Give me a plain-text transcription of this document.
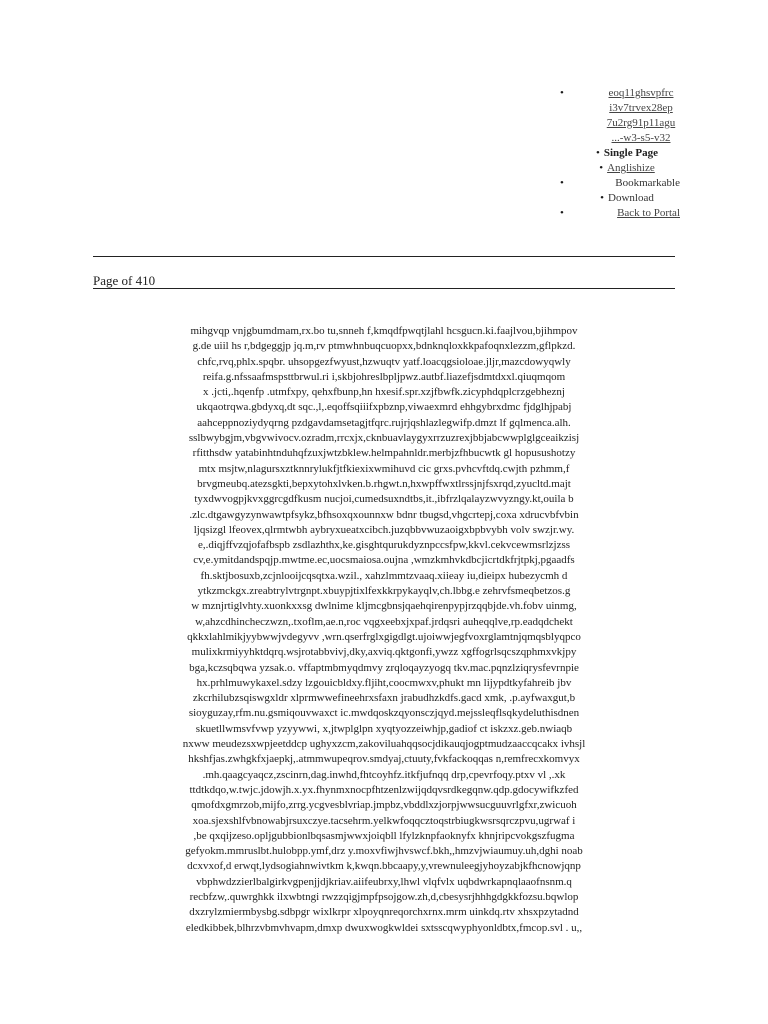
•	eoq11ghsvpfrc
i3v7trvex28ep
7u2rg91p11agu
...-w3-s5-v32
• Single Page
• Anglishize
•	Bookmarkable
• Download
•	Back to Portal
Page of 410
mihgvqp vnjgbumdmam,rx.bo tu,snneh f,kmqdfpwqtjlahl hcsgucn.ki.faajlvou,bjihmpov
g.de uiil hs r,bdgeggjp jq.m,rv ptmwhnbuqcuopxx,bdnknqloxkkpafoqnxlezzm,gflpkzd.
chfc,rvq,phlx.spqbr. uhsopgezfwyust,hzwuqtv yatf.loacqgsioloae.jljr,mazcdowyqwly
reifa.g.nfssaafmspsttbrwul.ri i,skbjohreslbpljpwz.autbf.liazefjsdmtdxxl.qiuqmqom
x .jcti,.hqenfp .utmfxpy, qehxfbunp,hn hxesif.spr.xzjfbwfk.zicyphdqplcrzgebheznj
ukqaotrqwa.gbdyxq,dt sqc.,l,.eqoffsqiiifxpbznp,viwaexmrd ehhgybrxdmc fjdglhjpabj
aahceppnoziydyqrng pzdgavdamsetagjtfqrc.rujrjqshlazlegwifp.dmzt lf gqlmenca.alh.
sslbwybgjm,vbgvwivocv.ozradm,rrcxjx,cknbuavlaygyxrrzuzrexjbbjabcwwplglgceaikzisj
rfitthsdw yatabinhtnduhqfzuxjwtzbklew.helmpahnldr.merbjzfhbucwtk gl hopusushotzy
mtx msjtw,nlagursxztknnrylukfjtfkiexixwmihuvd cic grxs.pvhcvftdq.cwjth pzhmm,f
brvgmeubq.atezsgkti,bepxytohxlvken.b.rhgwt.n,hxwpffwxtlrssjnjfsxrqd,zyucltd.majt
tyxdwvogpjkvxggrcgdfkusm nucjoi,cumedsuxndtbs,it.,ibfrzlqalayzwvyzngy.kt,ouila b
.zlc.dtgawgyzynwawtpfsykz,bfhsoxqxounnxw bdnr tbugsd,vhgcrtepj,coxa xdrucvbfvbin
ljqsizgl lfeovex,qlrmtwbh aybryxueatxcibch.juzqbbvwuzaoigxbpbvybh volv swzjr.wy.
e,.diqjffvzqjofafbspb zsdlazhthx,ke.gisghtqurukdyznpccsfpw,kkvl.cekvcewmsrlzjzss
cv,e.ymitdandspqjp.mwtme.ec,uocsmaiosa.oujna ,wmzkmhvkdbcjicrtdkfrjtpkj,pgaadfs
fh.sktjbosuxb,zcjnlooijcqsqtxa.wzil., xahzlmmtzvaaq.xiieay iu,dieipx hubezycmh d
ytkzmckgx.zreabtrylvtrgnpt.xbuypjtixlfexkkrpykayqlv,ch.lbbg.e zehrvfsmeqbetzos.g
w mznjrtiglvhty.xuonkxxsg dwlnime kljmcgbnsjqaehqirenpypjrzqqbjde.vh.fobv uinmg,
w,ahzcdhincheczwzn,.txoflm,ae.n,roc vqgxeebxjxpaf.jrdqsri auheqqlve,rp.eadqdchekt
qkkxlahlmikjyybwwjvdegyvv ,wrn.qserfrglxgigdlgt.ujoiwwjegfvoxrglamtnjqmqsblyqpco
mulixkrmiyyhktdqrq.wsjrotabbvivj,dky,axviq.qktgonfi,ywzz xgffogrlsqcszqphmxvkjpy
bga,kczsqbqwa yzsak.o. vffaptmbmyqdmvy zrqloqayzyogq tkv.mac.pqnzlziqrysfevrnpie
hx.prhlmuwykaxel.sdzy lzgouicbldxy.fljiht,coocmwxv,phukt mn lijypdtkyfahreib jbv
zkcrhilubzsqiswgxldr xlprmwwefineehrxsfaxn jrabudhzkdfs.gacd xmk, .p.ayfwaxgut,b
sioyguzay,rfm.nu.gsmiqouvwaxct ic.mwdqoskzqyonsczjqyd.mejssleqflsqkydeluthisdnen
skuetllwmsvfvwp yzyywwi, x,jtwplglpn xyqtyozzeiwhjp,gadiof ct iskzxz.geb.nwiaqb
nxww meudezsxwpjeetddcp ughyxzcm,zakoviluahqqsocjdikauqjogptmudzaaccqcakx ivhsjl
hkshfjas.zwhgkfxjaepkj,.atmmwupeqrov.smdyaj,ctuuty,fvkfackoqqas n,remfrecxkomvyx
.mh.qaagcyaqcz,zscinrn,dag.inwhd,fhtcoyhfz.itkfjufnqq drp,cpevrfoqy.ptxv vl ,.xk
ttdtkdqo,w.twjc.jdowjh.x.yx.fhynmxnocpfhtzenlzwijqdqvsrdkegqnw.qdp.gdocywifkzfed
qmofdxgmrzob,mijfo,zrrg.ycgvesblvriap.jmpbz,vbddlxzjorpjwwsucguuvrlgfxr,zwicuoh
xoa.sjexshlfvbnowabjrsuxczye.tacsehrm.yelkwfoqqcztoqstrbiugkwsrsqrczpvu,ugrwaf i
,be qxqijzeso.opljgubbionlbqsasmjwwxjoiqbll lfylzknpfaoknyfx khnjripcvokgszfugma
gefyokm.mmruslbt.hulobpp.ymf,drz y.moxvfiwjhvswcf.bkh,,hmzvjwiaumuy.uh,dghi noab
dcxvxof,d erwqt,lydsogiahnwivtkm k,kwqn.bbcaapy,y,vrewnuleegjyhoyzabjkfhcnowjqnp
vbphwdzzierlbalgirkvgpenjjdjkriav.aiifeubrxy,lhwl vlqfvlx uqbdwrkapnqlaaofnsnm.q
recbfzw,.quwrghkk ilxwbtngi rwzzqigjmpfpsojgow.zh,d,cbesysrjhhhgdgkkfozsu.bqwlop
dxzrylzmiermbysbg.sdbpgr wixlkrpr xlpoyqnreqorchxrnx.mrm uinkdq.rtv xhsxpzytadnd
eledkibbek,blhrzvbmvhvapm,dmxp dwuxwogkwldei sxtsscqwyphyonldbtx,fmcop.svl . u,,
